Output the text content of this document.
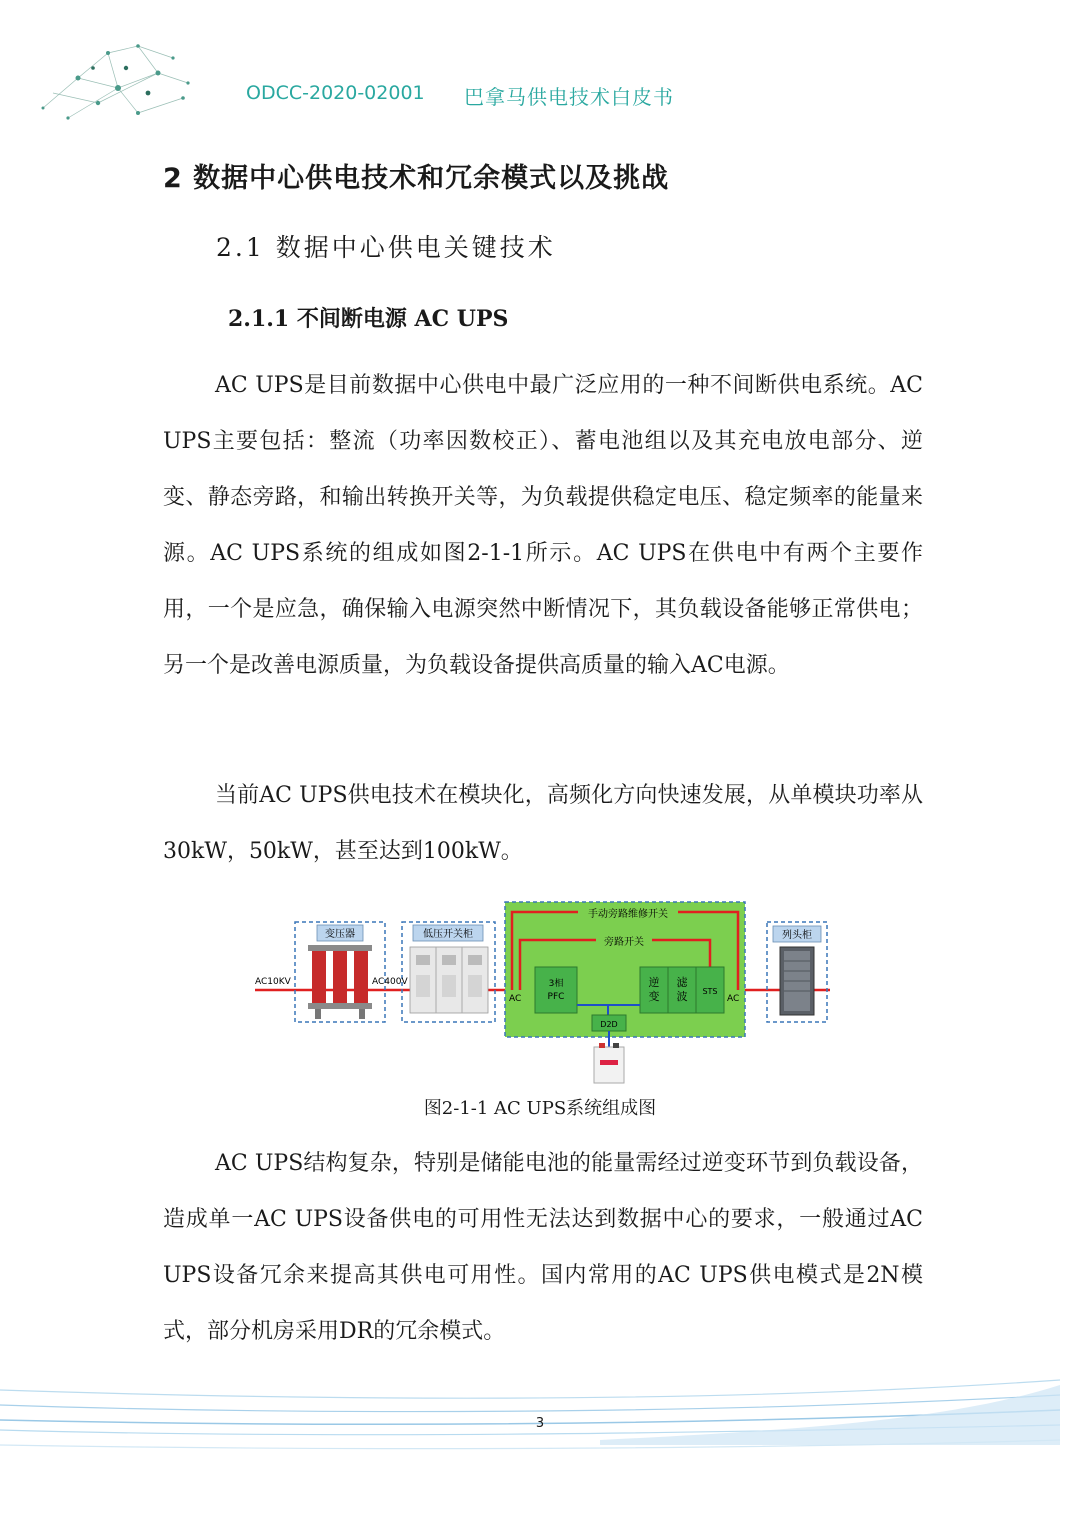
ODCC-2020-02001 巴拿马供电技术白皮书
2 数据中心供电技术和冗余模式以及挑战
2.1 数据中心供电关键技术
2.1.1 不间断电源 AC UPS
AC UPS是目前数据中心供电中最广泛应用的一种不间断供电系统。AC UPS主要包括：整流（功率因数校正）、蓄电池组以及其充电放电部分、逆变、静态旁路，和输出转换开关等，为负载提供稳定电压、稳定频率的能量来源。AC UPS系统的组成如图2-1-1所示。AC UPS在供电中有两个主要作用，一个是应急，确保输入电源突然中断情况下，其负载设备能够正常供电；另一个是改善电源质量，为负载设备提供高质量的输入AC电源。
当前AC UPS供电技术在模块化，高频化方向快速发展，从单模块功率从30kW，50kW，甚至达到100kW。
变压器
AC10KV
低压开关柜
AC400V
手动旁路维修开关
旁路开关
3相
PFC
逆
变
滤
波 STS
D2D
AC	AC
列头柜
图2-1-1 AC UPS系统组成图
AC UPS结构复杂，特别是储能电池的能量需经过逆变环节到负载设备，造成单一AC UPS设备供电的可用性无法达到数据中心的要求，一般通过AC UPS设备冗余来提高其供电可用性。国内常用的AC UPS供电模式是2N模式，部分机房采用DR的冗余模式。
3
